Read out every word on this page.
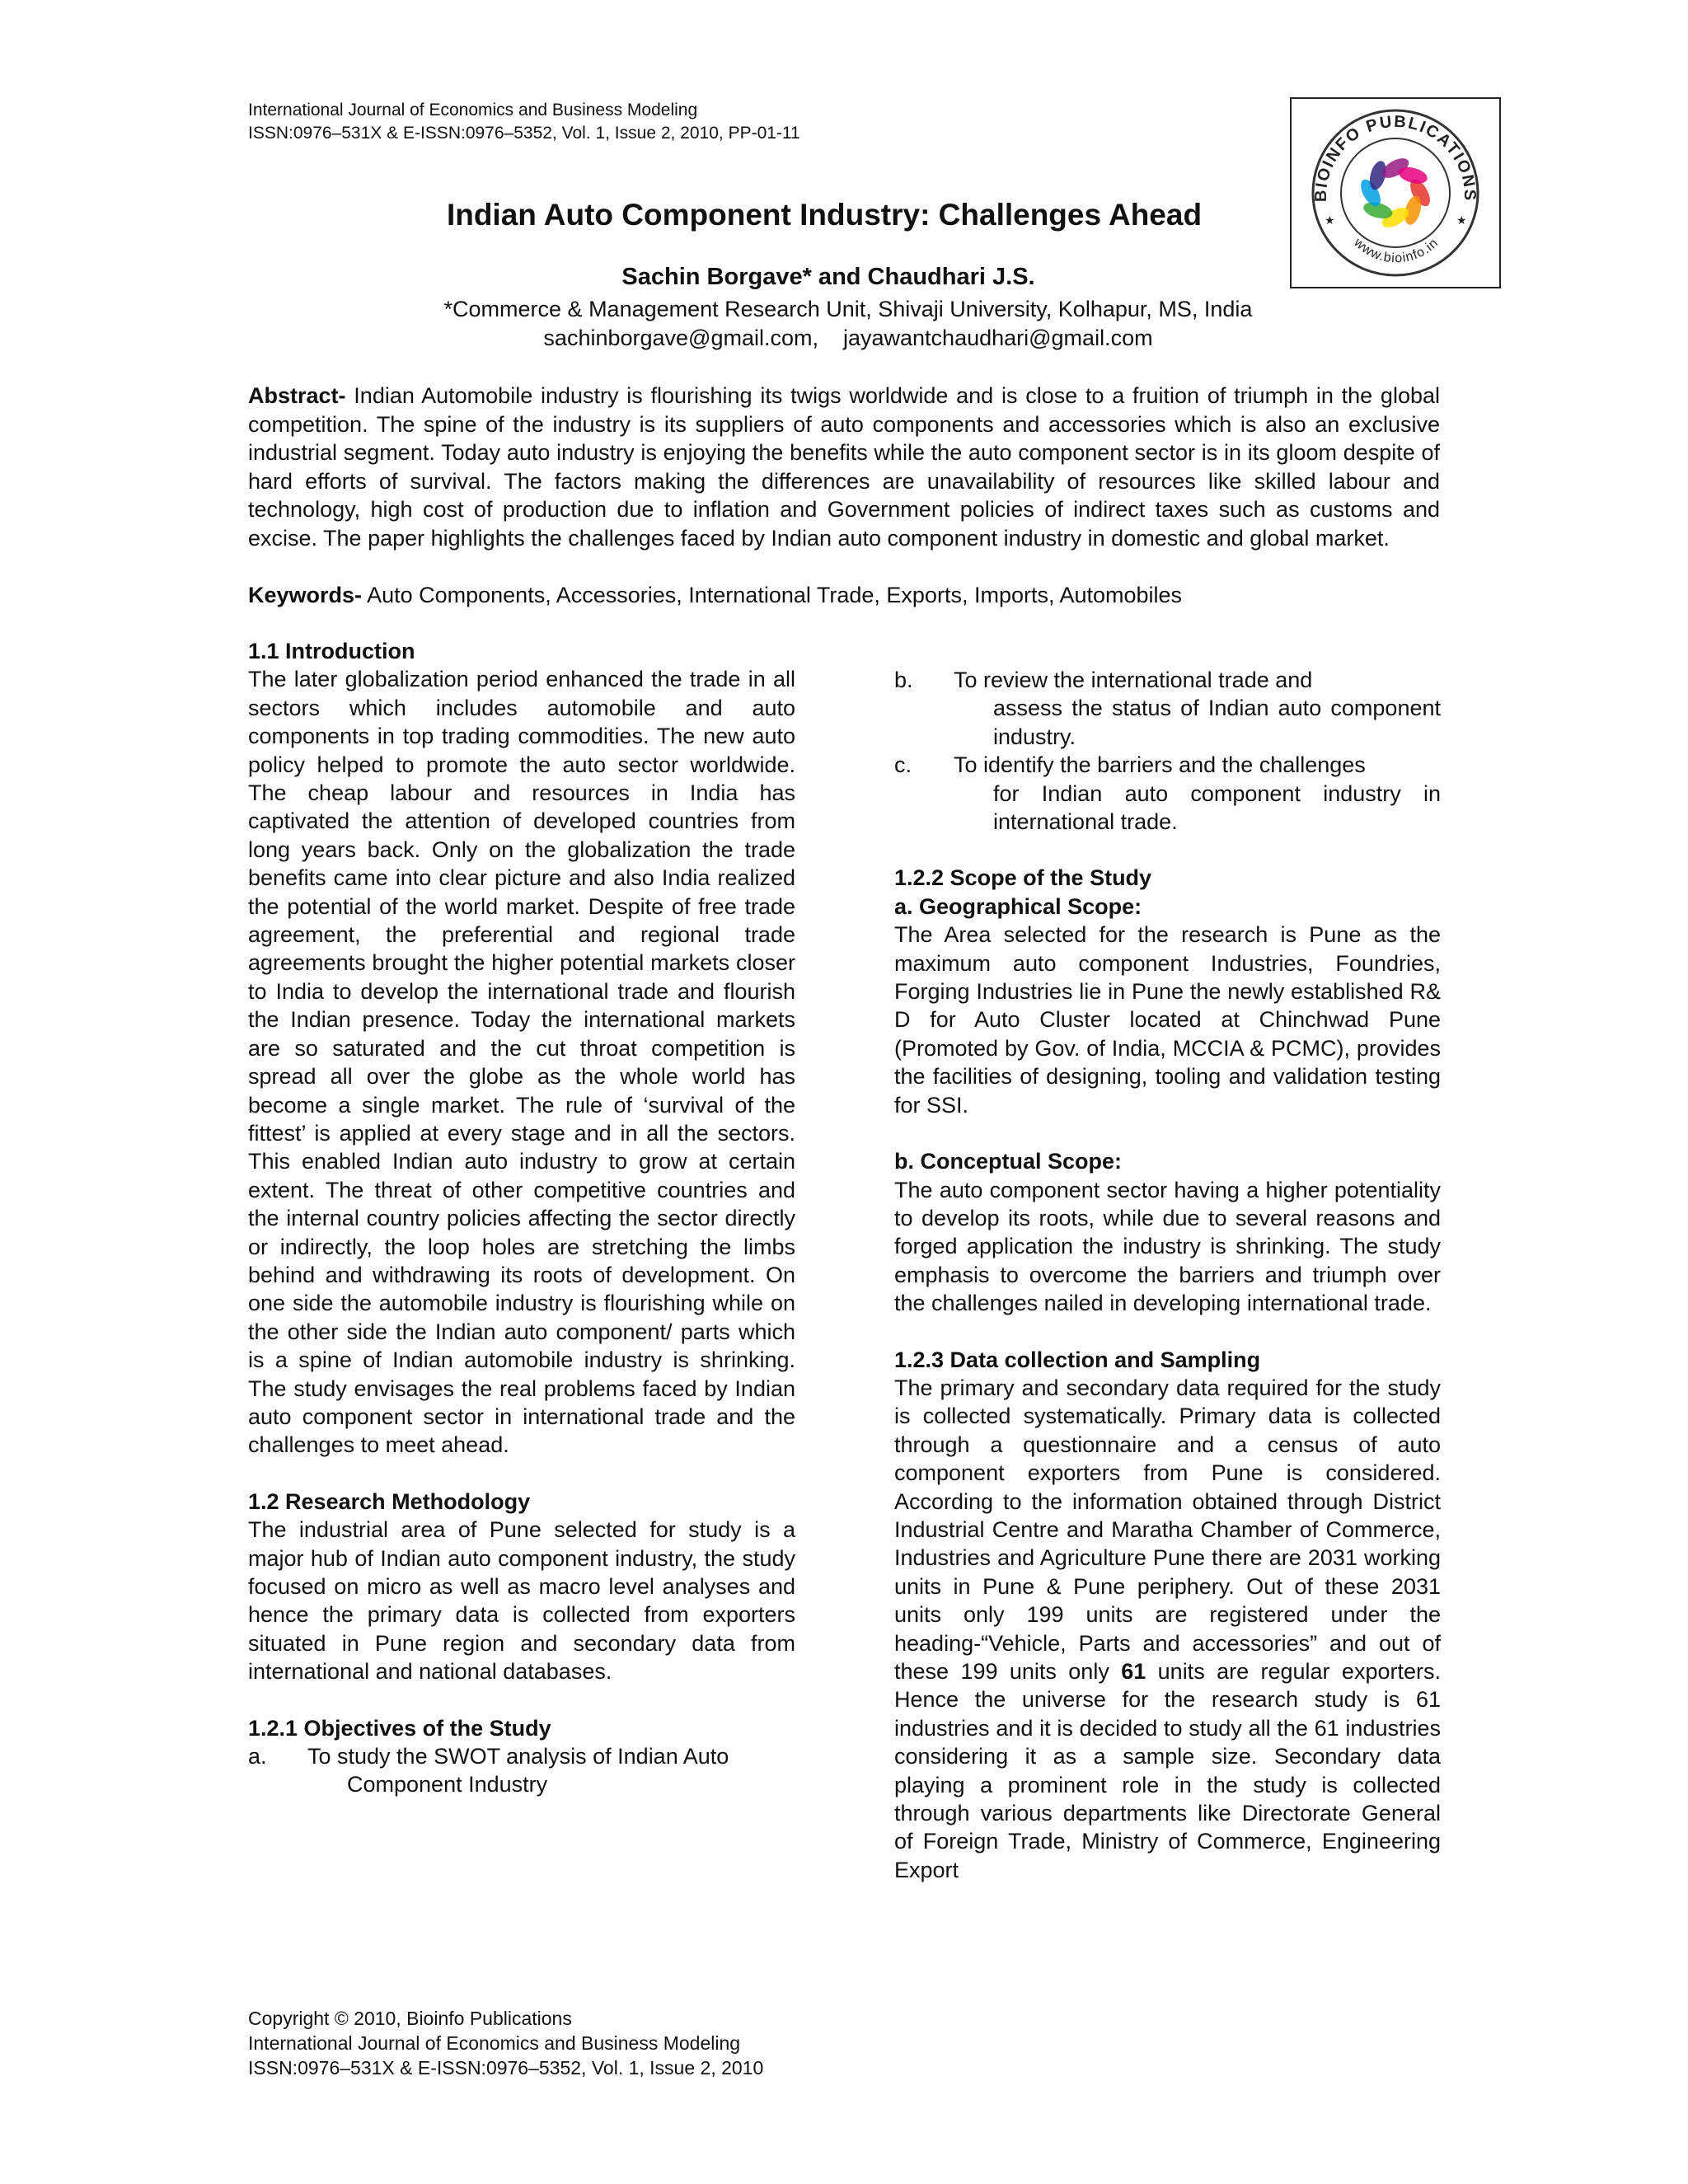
International Journal of Economics and Business Modeling
ISSN:0976–531X & E-ISSN:0976–5352, Vol. 1, Issue 2, 2010, PP-01-11
BIOINFO PUBLICATIONS
www.bioinfo.in
★	★
Indian Auto Component Industry: Challenges Ahead
Sachin Borgave* and Chaudhari J.S.
*Commerce & Management Research Unit, Shivaji University, Kolhapur, MS, India
sachinborgave@gmail.com,    jayawantchaudhari@gmail.com
Abstract- Indian Automobile industry is flourishing its twigs worldwide and is close to a fruition of triumph in the global competition. The spine of the industry is its suppliers of auto components and accessories which is also an exclusive industrial segment. Today auto industry is enjoying the benefits while the auto component sector is in its gloom despite of hard efforts of survival. The factors making the differences are unavailability of resources like skilled labour and technology, high cost of production due to inflation and Government policies of indirect taxes such as customs and excise. The paper highlights the challenges faced by Indian auto component industry in domestic and global market.
Keywords- Auto Components, Accessories, International Trade, Exports, Imports, Automobiles
1.1 Introduction

The later globalization period enhanced the trade in all sectors which includes automobile and auto components in top trading commodities. The new auto policy helped to promote the auto sector worldwide. The cheap labour and resources in India has captivated the attention of developed countries from long years back. Only on the globalization the trade benefits came into clear picture and also India realized the potential of the world market. Despite of free trade agreement, the preferential and regional trade agreements brought the higher potential markets closer to India to develop the international trade and flourish the Indian presence. Today the international markets are so saturated and the cut throat competition is spread all over the globe as the whole world has become a single market. The rule of ‘survival of the fittest’ is applied at every stage and in all the sectors. This enabled Indian auto industry to grow at certain extent. The threat of other competitive countries and the internal country policies affecting the sector directly or indirectly, the loop holes are stretching the limbs behind and withdrawing its roots of development. On one side the automobile industry is flourishing while on the other side the Indian auto component/ parts which is a spine of Indian automobile industry is shrinking. The study envisages the real problems faced by Indian auto component sector in international trade and the challenges to meet ahead.

1.2 Research Methodology

The industrial area of Pune selected for study is a major hub of Indian auto component industry, the study focused on micro as well as macro level analyses and hence the primary data is collected from exporters situated in Pune region and secondary data from international and national databases.

1.2.1 Objectives of the Study
a.	To study the SWOT analysis of Indian Auto
Component Industry
b.	To review the international trade and
assess the status of Indian auto component industry.
c.	To identify the barriers and the challenges
for Indian auto component industry in international trade.
1.2.2 Scope of the Study
a. Geographical Scope:

The Area selected for the research is Pune as the maximum auto component Industries, Foundries, Forging Industries lie in Pune the newly established R& D for Auto Cluster located at Chinchwad Pune (Promoted by Gov. of India, MCCIA & PCMC), provides the facilities of designing, tooling and validation testing for SSI.

b. Conceptual Scope:

The auto component sector having a higher potentiality to develop its roots, while due to several reasons and forged application the industry is shrinking. The study emphasis to overcome the barriers and triumph over the challenges nailed in developing international trade.

1.2.3 Data collection and Sampling

The primary and secondary data required for the study is collected systematically. Primary data is collected through a questionnaire and a census of auto component exporters from Pune is considered. According to the information obtained through District Industrial Centre and Maratha Chamber of Commerce, Industries and Agriculture Pune there are 2031 working units in Pune & Pune periphery. Out of these 2031 units only 199 units are registered under the heading-“Vehicle, Parts and accessories” and out of these 199 units only 61 units are regular exporters. Hence the universe for the research study is 61 industries and it is decided to study all the 61 industries considering it as a sample size. Secondary data playing a prominent role in the study is collected through various departments like Directorate General of Foreign Trade, Ministry of Commerce, Engineering Export

Copyright © 2010, Bioinfo Publications
International Journal of Economics and Business Modeling
ISSN:0976–531X & E-ISSN:0976–5352, Vol. 1, Issue 2, 2010
